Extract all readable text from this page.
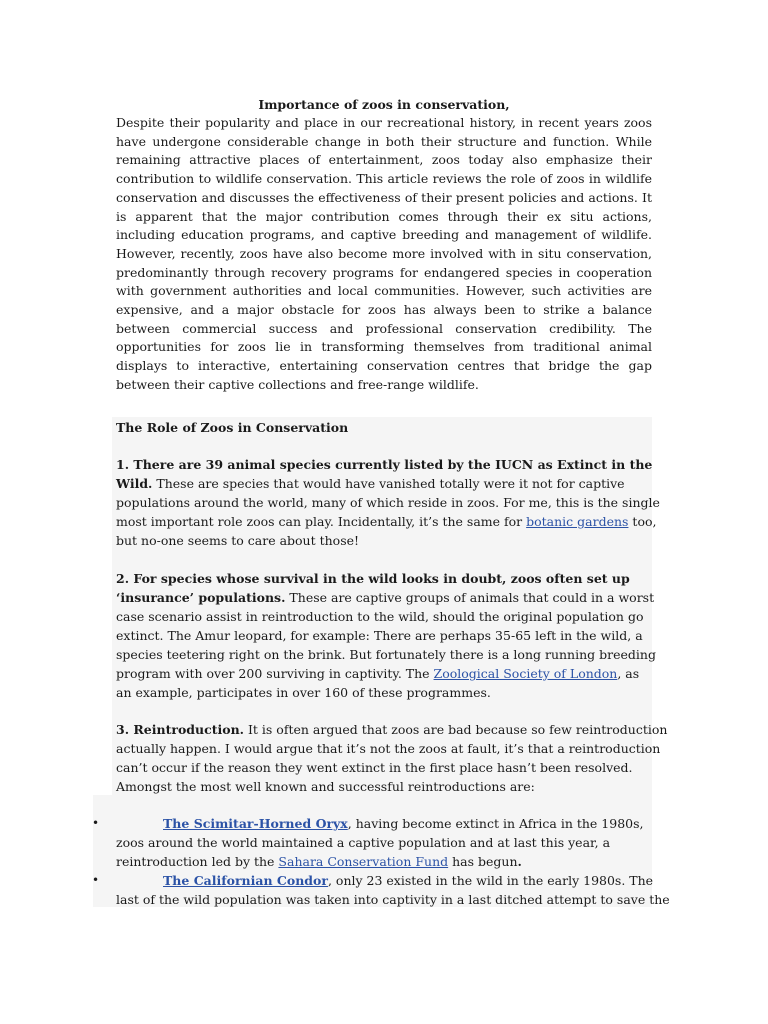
Importance of zoos in conservation,
Despite their popularity and place in our recreational history, in recent years zoos have undergone considerable change in both their structure and function. While remaining attractive places of entertainment, zoos today also emphasize their contribution to wildlife conservation. This article reviews the role of zoos in wildlife conservation and discusses the effectiveness of their present policies and actions. It is apparent that the major contribution comes through their ex situ actions, including education programs, and captive breeding and management of wildlife. However, recently, zoos have also become more involved with in situ conservation, predominantly through recovery programs for endangered species in cooperation with government authorities and local communities. However, such activities are expensive, and a major obstacle for zoos has always been to strike a balance between commercial success and professional conservation credibility. The opportunities for zoos lie in transforming themselves from traditional animal displays to interactive, entertaining conservation centres that bridge the gap between their captive collections and free-range wildlife.
The Role of Zoos in Conservation
1. There are 39 animal species currently listed by the IUCN as Extinct in the
Wild. These are species that would have vanished totally were it not for captive
populations around the world, many of which reside in zoos. For me, this is the single
most important role zoos can play. Incidentally, it’s the same for botanic gardens too,
but no-one seems to care about those!
2. For species whose survival in the wild looks in doubt, zoos often set up
‘insurance’ populations. These are captive groups of animals that could in a worst
case scenario assist in reintroduction to the wild, should the original population go
extinct. The Amur leopard, for example: There are perhaps 35-65 left in the wild, a
species teetering right on the brink. But fortunately there is a long running breeding
program with over 200 surviving in captivity. The Zoological Society of London, as
an example, participates in over 160 of these programmes.
3. Reintroduction. It is often argued that zoos are bad because so few reintroduction
actually happen. I would argue that it’s not the zoos at fault, it’s that a reintroduction
can’t occur if the reason they went extinct in the first place hasn’t been resolved.
Amongst the most well known and successful reintroductions are:
•	The Scimitar-Horned Oryx, having become extinct in Africa in the 1980s,
zoos around the world maintained a captive population and at last this year, a
reintroduction led by the Sahara Conservation Fund has begun.
•	The Californian Condor, only 23 existed in the wild in the early 1980s. The
last of the wild population was taken into captivity in a last ditched attempt to save the
